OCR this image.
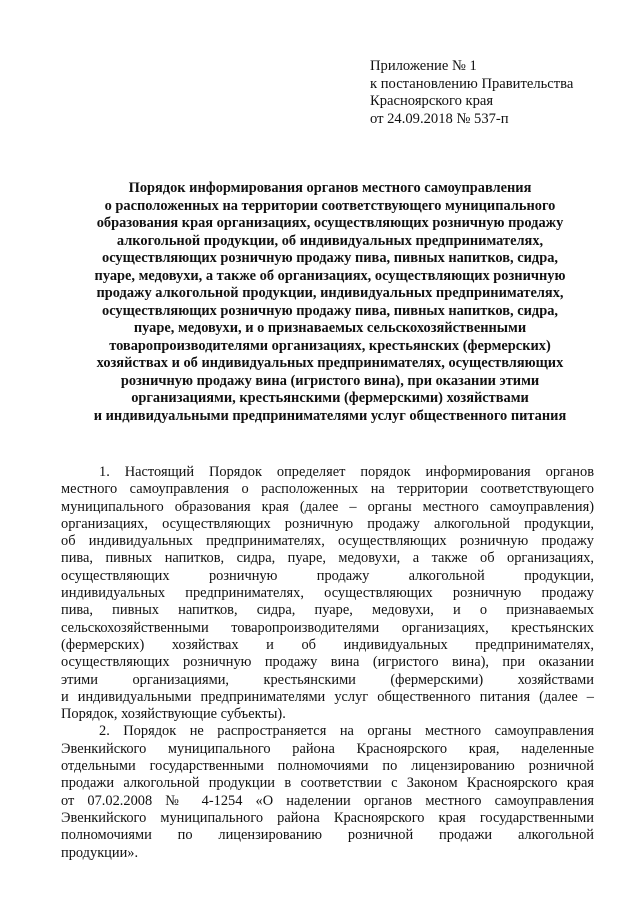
Приложение № 1
к постановлению Правительства
Красноярского края
от 24.09.2018 № 537-п
Порядок информирования органов местного самоуправления
о расположенных на территории соответствующего муниципального
образования края организациях, осуществляющих розничную продажу
алкогольной продукции, об индивидуальных предпринимателях,
осуществляющих розничную продажу пива, пивных напитков, сидра,
пуаре, медовухи, а также об организациях, осуществляющих розничную
продажу алкогольной продукции, индивидуальных предпринимателях,
осуществляющих розничную продажу пива, пивных напитков, сидра,
пуаре, медовухи, и о признаваемых сельскохозяйственными
товаропроизводителями организациях, крестьянских (фермерских)
хозяйствах и об индивидуальных предпринимателях, осуществляющих
розничную продажу вина (игристого вина), при оказании этими
организациями, крестьянскими (фермерскими) хозяйствами
и индивидуальными предпринимателями услуг общественного питания
1. Настоящий Порядок определяет порядок информирования органов
местного самоуправления о расположенных на территории соответствующего
муниципального образования края (далее – органы местного самоуправления)
организациях, осуществляющих розничную продажу алкогольной продукции,
об индивидуальных предпринимателях, осуществляющих розничную продажу
пива, пивных напитков, сидра, пуаре, медовухи, а также об организациях,
осуществляющих розничную продажу алкогольной продукции,
индивидуальных предпринимателях, осуществляющих розничную продажу
пива, пивных напитков, сидра, пуаре, медовухи, и о признаваемых
сельскохозяйственными товаропроизводителями организациях, крестьянских
(фермерских) хозяйствах и об индивидуальных предпринимателях,
осуществляющих розничную продажу вина (игристого вина), при оказании
этими организациями, крестьянскими (фермерскими) хозяйствами
и индивидуальными предпринимателями услуг общественного питания (далее –
Порядок, хозяйствующие субъекты).
2. Порядок не распространяется на органы местного самоуправления
Эвенкийского муниципального района Красноярского края, наделенные
отдельными государственными полномочиями по лицензированию розничной
продажи алкогольной продукции в соответствии с Законом Красноярского края
от 07.02.2008 № 4-1254 «О наделении органов местного самоуправления
Эвенкийского муниципального района Красноярского края государственными
полномочиями по лицензированию розничной продажи алкогольной
продукции».
